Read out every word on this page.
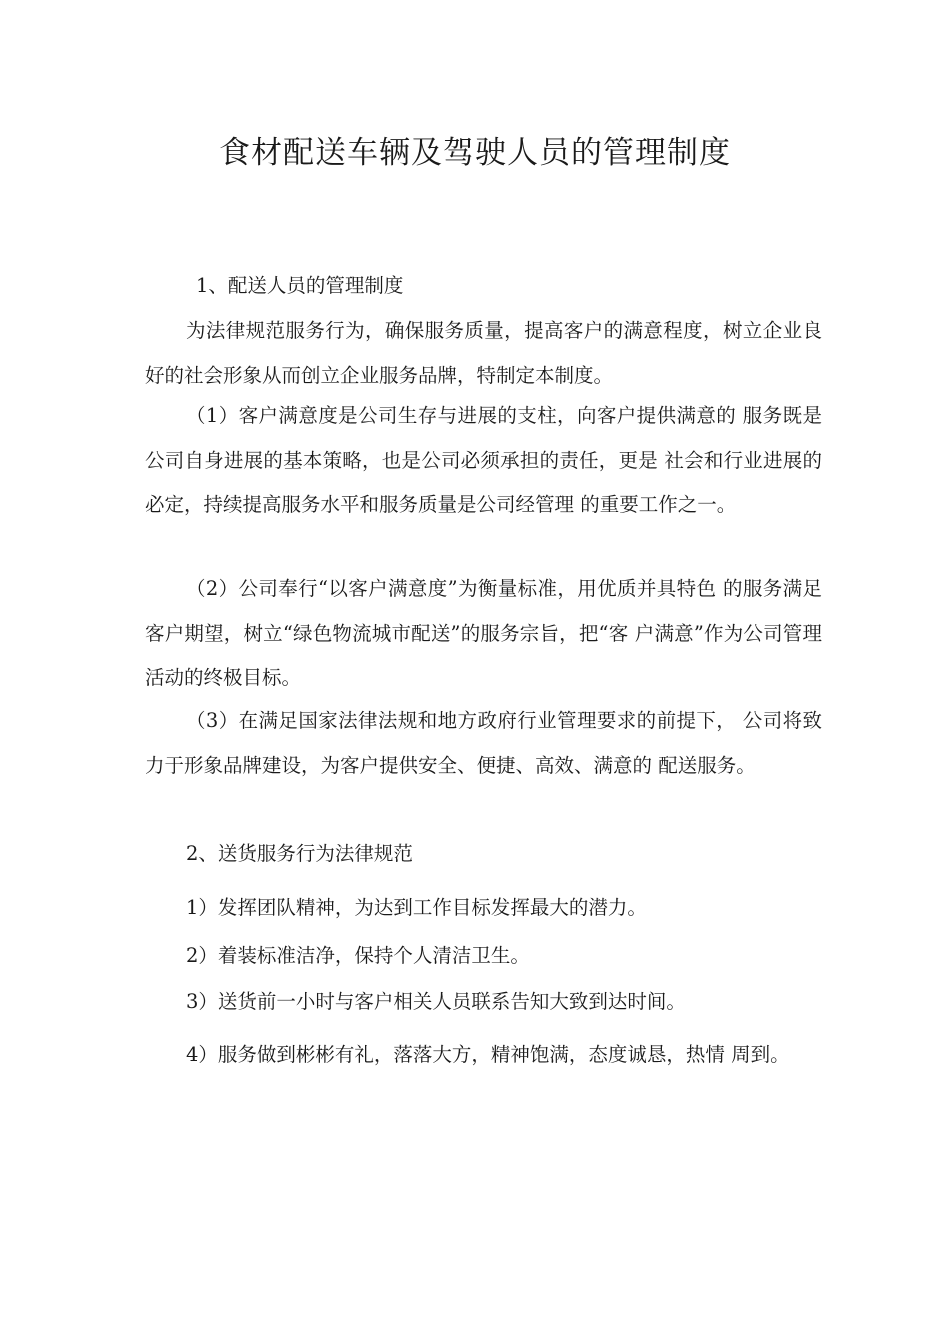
食材配送车辆及驾驶人员的管理制度

1、配送人员的管理制度

为法律规范服务行为，确保服务质量，提高客户的满意程度，树立企业良好的社会形象从而创立企业服务品牌，特制定本制度。

（1）客户满意度是公司生存与进展的支柱，向客户提供满意的 服务既是公司自身进展的基本策略，也是公司必须承担的责任，更是 社会和行业进展的必定，持续提高服务水平和服务质量是公司经管理 的重要工作之一。

（2）公司奉行“以客户满意度”为衡量标准，用优质并具特色 的服务满足客户期望，树立“绿色物流城市配送”的服务宗旨，把“客 户满意”作为公司管理活动的终极目标。

（3）在满足国家法律法规和地方政府行业管理要求的前提下， 公司将致力于形象品牌建设，为客户提供安全、便捷、高效、满意的 配送服务。

2、送货服务行为法律规范

1）发挥团队精神，为达到工作目标发挥最大的潜力。

2）着装标准洁净，保持个人清洁卫生。

3）送货前一小时与客户相关人员联系告知大致到达时间。

4）服务做到彬彬有礼，落落大方，精神饱满，态度诚恳，热情 周到。
